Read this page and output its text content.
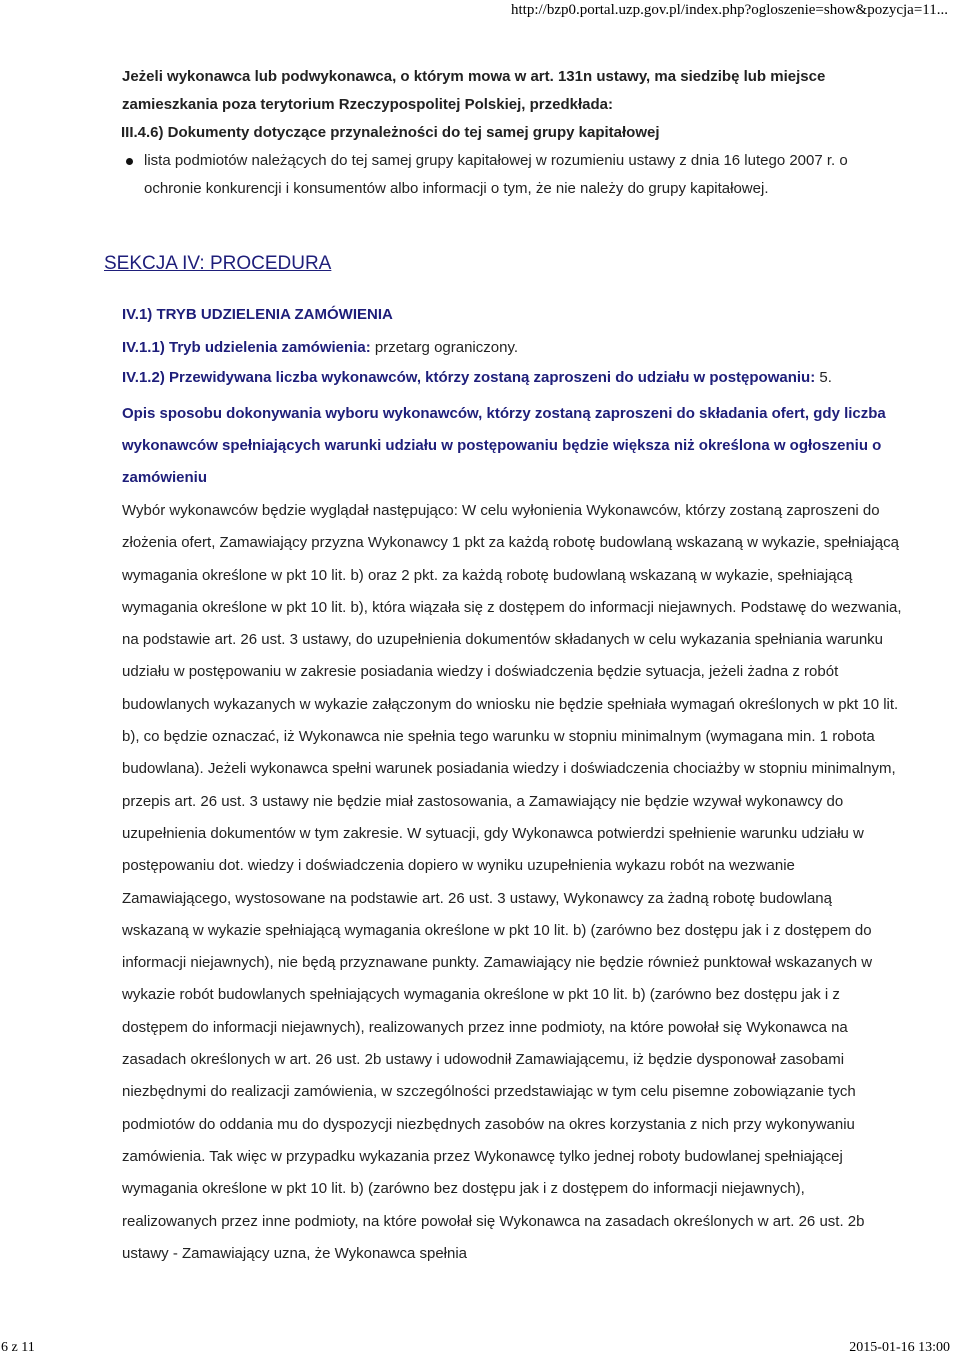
http://bzp0.portal.uzp.gov.pl/index.php?ogloszenie=show&pozycja=11...

Jeżeli wykonawca lub podwykonawca, o którym mowa w art. 131n ustawy, ma siedzibę lub miejsce zamieszkania poza terytorium Rzeczypospolitej Polskiej, przedkłada:

III.4.6) Dokumenty dotyczące przynależności do tej samej grupy kapitałowej

lista podmiotów należących do tej samej grupy kapitałowej w rozumieniu ustawy z dnia 16 lutego 2007 r. o ochronie konkurencji i konsumentów albo informacji o tym, że nie należy do grupy kapitałowej.
SEKCJA IV: PROCEDURA

IV.1) TRYB UDZIELENIA ZAMÓWIENIA

IV.1.1) Tryb udzielenia zamówienia: przetarg ograniczony.

IV.1.2) Przewidywana liczba wykonawców, którzy zostaną zaproszeni do udziału w postępowaniu: 5.

Opis sposobu dokonywania wyboru wykonawców, którzy zostaną zaproszeni do składania ofert, gdy liczba wykonawców spełniających warunki udziału w postępowaniu będzie większa niż określona w ogłoszeniu o zamówieniu

Wybór wykonawców będzie wyglądał następująco: W celu wyłonienia Wykonawców, którzy zostaną zaproszeni do złożenia ofert, Zamawiający przyzna Wykonawcy 1 pkt za każdą robotę budowlaną wskazaną w wykazie, spełniającą wymagania określone w pkt 10 lit. b) oraz 2 pkt. za każdą robotę budowlaną wskazaną w wykazie, spełniającą wymagania określone w pkt 10 lit. b), która wiązała się z dostępem do informacji niejawnych. Podstawę do wezwania, na podstawie art. 26 ust. 3 ustawy, do uzupełnienia dokumentów składanych w celu wykazania spełniania warunku udziału w postępowaniu w zakresie posiadania wiedzy i doświadczenia będzie sytuacja, jeżeli żadna z robót budowlanych wykazanych w wykazie załączonym do wniosku nie będzie spełniała wymagań określonych w pkt 10 lit. b), co będzie oznaczać, iż Wykonawca nie spełnia tego warunku w stopniu minimalnym (wymagana min. 1 robota budowlana). Jeżeli wykonawca spełni warunek posiadania wiedzy i doświadczenia chociażby w stopniu minimalnym, przepis art. 26 ust. 3 ustawy nie będzie miał zastosowania, a Zamawiający nie będzie wzywał wykonawcy do uzupełnienia dokumentów w tym zakresie. W sytuacji, gdy Wykonawca potwierdzi spełnienie warunku udziału w postępowaniu dot. wiedzy i doświadczenia dopiero w wyniku uzupełnienia wykazu robót na wezwanie Zamawiającego, wystosowane na podstawie art. 26 ust. 3 ustawy, Wykonawcy za żadną robotę budowlaną wskazaną w wykazie spełniającą wymagania określone w pkt 10 lit. b) (zarówno bez dostępu jak i z dostępem do informacji niejawnych), nie będą przyznawane punkty. Zamawiający nie będzie również punktował wskazanych w wykazie robót budowlanych spełniających wymagania określone w pkt 10 lit. b) (zarówno bez dostępu jak i z dostępem do informacji niejawnych), realizowanych przez inne podmioty, na które powołał się Wykonawca na zasadach określonych w art. 26 ust. 2b ustawy i udowodnił Zamawiającemu, iż będzie dysponował zasobami niezbędnymi do realizacji zamówienia, w szczególności przedstawiając w tym celu pisemne zobowiązanie tych podmiotów do oddania mu do dyspozycji niezbędnych zasobów na okres korzystania z nich przy wykonywaniu zamówienia. Tak więc w przypadku wykazania przez Wykonawcę tylko jednej roboty budowlanej spełniającej wymagania określone w pkt 10 lit. b) (zarówno bez dostępu jak i z dostępem do informacji niejawnych), realizowanych przez inne podmioty, na które powołał się Wykonawca na zasadach określonych w art. 26 ust. 2b ustawy - Zamawiający uzna, że Wykonawca spełnia

6 z 11	2015-01-16 13:00
